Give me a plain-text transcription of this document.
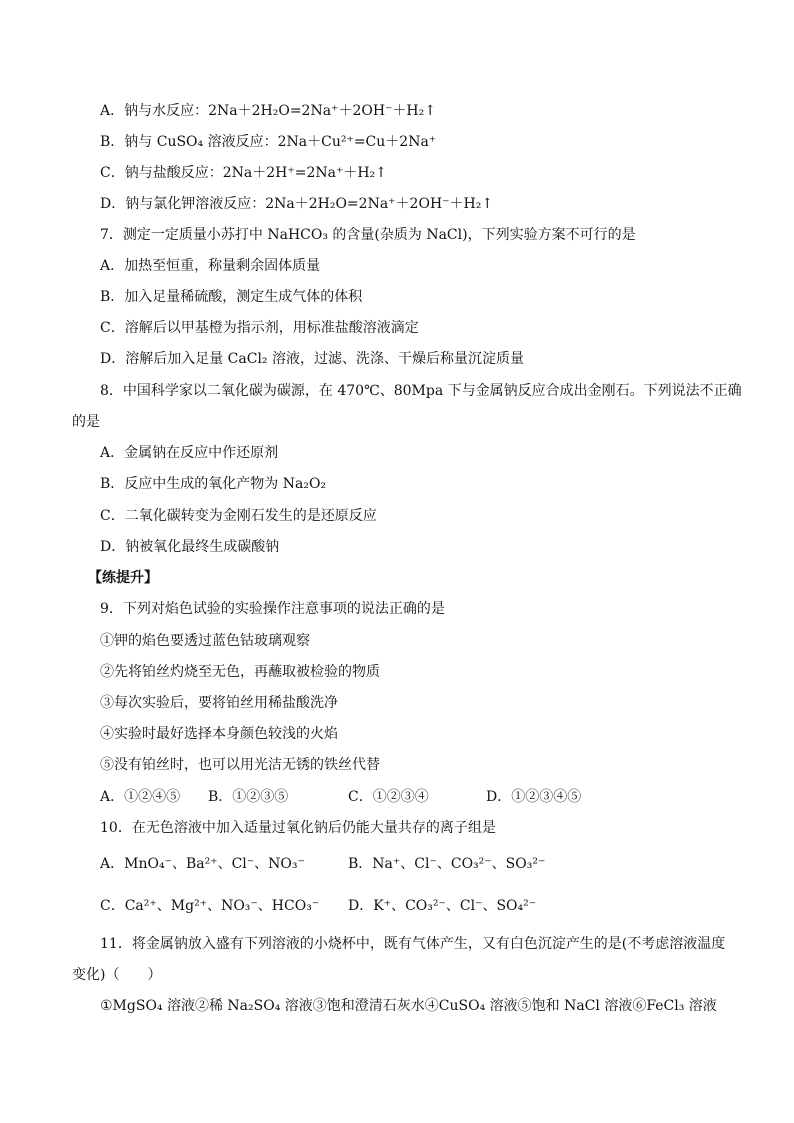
A．钠与水反应：2Na＋2H₂O=2Na⁺＋2OH⁻＋H₂↑
B．钠与 CuSO₄ 溶液反应：2Na＋Cu²⁺=Cu＋2Na⁺
C．钠与盐酸反应：2Na＋2H⁺=2Na⁺＋H₂↑
D．钠与氯化钾溶液反应：2Na＋2H₂O=2Na⁺＋2OH⁻＋H₂↑
7．测定一定质量小苏打中 NaHCO₃ 的含量(杂质为 NaCl)，下列实验方案不可行的是
A．加热至恒重，称量剩余固体质量
B．加入足量稀硫酸，测定生成气体的体积
C．溶解后以甲基橙为指示剂，用标准盐酸溶液滴定
D．溶解后加入足量 CaCl₂ 溶液，过滤、洗涤、干燥后称量沉淀质量
8．中国科学家以二氧化碳为碳源，在 470℃、80Mpa 下与金属钠反应合成出金刚石。下列说法不正确
的是
A．金属钠在反应中作还原剂
B．反应中生成的氧化产物为 Na₂O₂
C．二氧化碳转变为金刚石发生的是还原反应
D．钠被氧化最终生成碳酸钠
【练提升】
9．下列对焰色试验的实验操作注意事项的说法正确的是
①钾的焰色要透过蓝色钴玻璃观察
②先将铂丝灼烧至无色，再蘸取被检验的物质
③每次实验后，要将铂丝用稀盐酸洗净
④实验时最好选择本身颜色较浅的火焰
⑤没有铂丝时，也可以用光洁无锈的铁丝代替
A．①②④⑤ B．①②③⑤	C．①②③④	D．①②③④⑤
10．在无色溶液中加入适量过氧化钠后仍能大量共存的离子组是
A．MnO₄⁻、Ba²⁺、Cl⁻、NO₃⁻	B．Na⁺、Cl⁻、CO₃²⁻、SO₃²⁻
C．Ca²⁺、Mg²⁺、NO₃⁻、HCO₃⁻ D．K⁺、CO₃²⁻、Cl⁻、SO₄²⁻
11．将金属钠放入盛有下列溶液的小烧杯中，既有气体产生，又有白色沉淀产生的是(不考虑溶液温度
变化)（　　）
①MgSO₄ 溶液②稀 Na₂SO₄ 溶液③饱和澄清石灰水④CuSO₄ 溶液⑤饱和 NaCl 溶液⑥FeCl₃ 溶液
